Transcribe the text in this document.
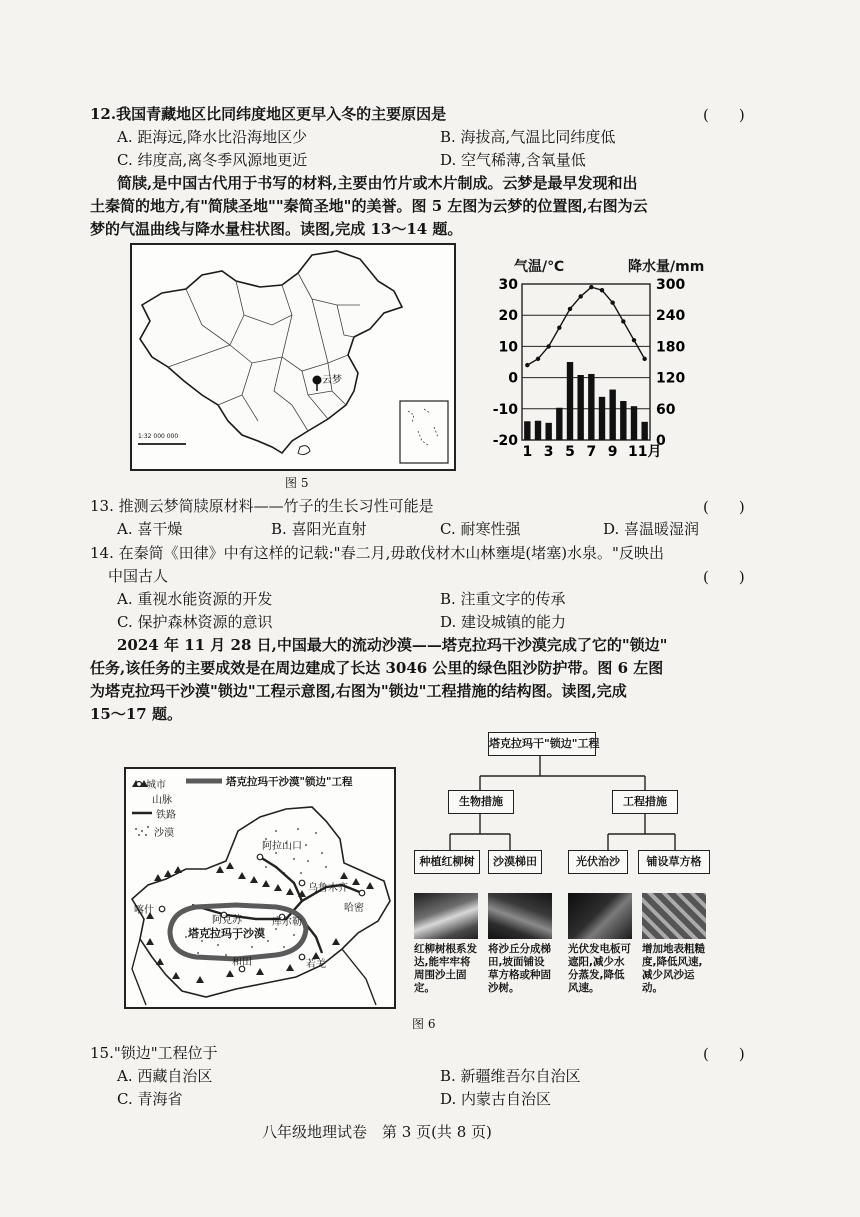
12.我国青藏地区比同纬度地区更早入冬的主要原因是	(　　)
A. 距海远,降水比沿海地区少	B. 海拔高,气温比同纬度低
C. 纬度高,离冬季风源地更近	D. 空气稀薄,含氧量低
简牍,是中国古代用于书写的材料,主要由竹片或木片制成。云梦是最早发现和出
土秦简的地方,有"简牍圣地""秦简圣地"的美誉。图 5 左图为云梦的位置图,右图为云
梦的气温曲线与降水量柱状图。读图,完成 13～14 题。
云梦
1:32 000 000
气温/℃	降水量/mm
30
20
10
0
-10
-20
300
240
180
120
60
0
1 3 5 7 9 11月
图 5
13. 推测云梦简牍原材料——竹子的生长习性可能是	(　　)
A. 喜干燥	B. 喜阳光直射	C. 耐寒性强	D. 喜温暖湿润
14. 在秦简《田律》中有这样的记载:"春二月,毋敢伐材木山林壅堤(堵塞)水泉。"反映出
中国古人	(　　)
A. 重视水能资源的开发	B. 注重文字的传承
C. 保护森林资源的意识	D. 建设城镇的能力
2024 年 11 月 28 日,中国最大的流动沙漠——塔克拉玛干沙漠完成了它的"锁边"
任务,该任务的主要成效是在周边建成了长达 3046 公里的绿色阻沙防护带。图 6 左图
为塔克拉玛干沙漠"锁边"工程示意图,右图为"锁边"工程措施的结构图。读图,完成
15～17 题。
城市
山脉
铁路
沙漠
塔克拉玛干沙漠"锁边"工程
阿拉山口
乌鲁木齐
哈密
喀什
阿克苏	库尔勒
塔克拉玛干沙漠
和田	若羌
塔克拉玛干"锁边"工程
生物措施	工程措施
种植红柳树	沙漠梯田	光伏治沙	铺设草方格
红柳树根系发达,能牢牢将周围沙土固定。
将沙丘分成梯田,坡面铺设草方格或种固沙树。
光伏发电板可遮阳,减少水分蒸发,降低风速。
增加地表粗糙度,降低风速,减少风沙运动。
图 6
15."锁边"工程位于	(　　)
A. 西藏自治区	B. 新疆维吾尔自治区
C. 青海省	D. 内蒙古自治区
八年级地理试卷　第 3 页(共 8 页)
